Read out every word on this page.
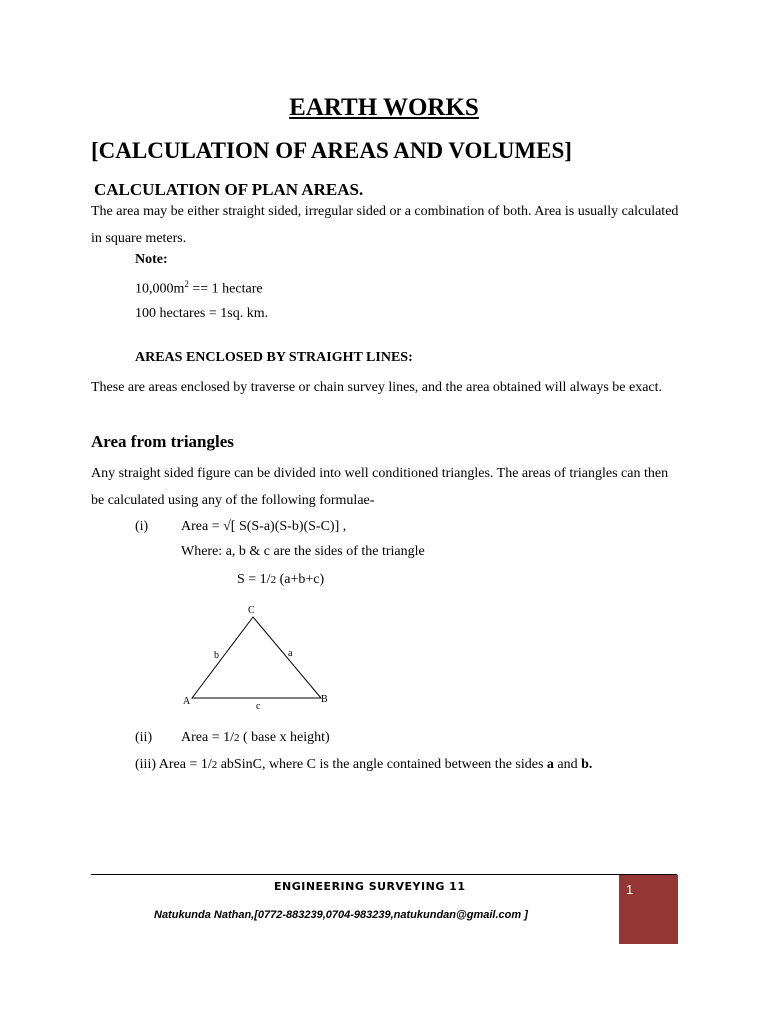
EARTH WORKS
[CALCULATION OF AREAS AND VOLUMES]
CALCULATION OF PLAN AREAS.
The area may be either straight sided, irregular sided or a combination of both. Area is usually calculated in square meters.
Note:
$10,000m^2 == 1$ hectare
100 hectares = 1sq. km.
AREAS ENCLOSED BY STRAIGHT LINES:
These are areas enclosed by traverse or chain survey lines, and the area obtained will always be exact.
Area from triangles
Any straight sided figure can be divided into well conditioned triangles. The areas of triangles can then be calculated using any of the following formulae-
(i) Area = √[ S(S-a)(S-b)(S-C)] ,
Where: a, b & c are the sides of the triangle
S = 1/2 (a+b+c)
C
A	B
b	a
c
(ii) Area = 1/2 ( base x height)
(iii) Area = 1/2 abSinC, where C is the angle contained between the sides a and b.
1
ENGINEERING SURVEYING 11
Natukunda Nathan,[0772-883239,0704-983239,natukundan@gmail.com ]
